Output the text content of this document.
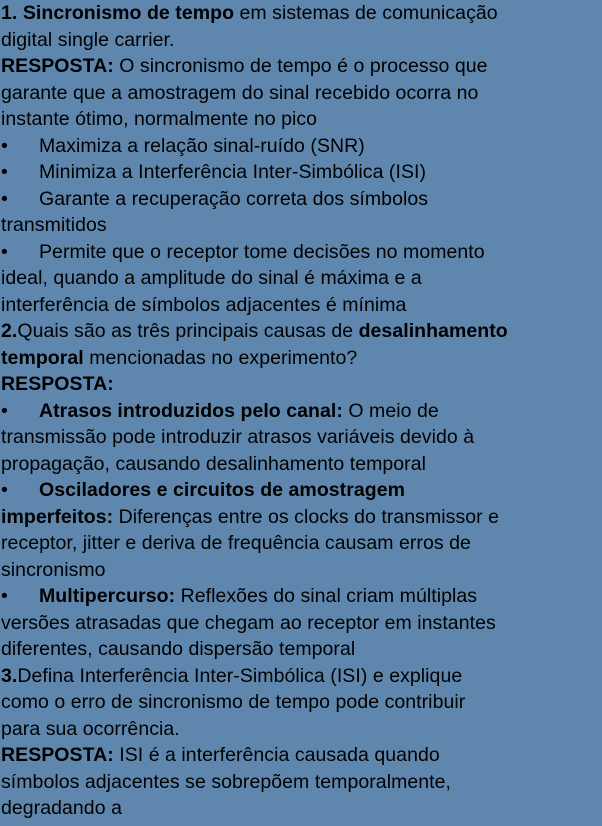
1. Sincronismo de tempo em sistemas de comunicação
digital single carrier.
RESPOSTA: O sincronismo de tempo é o processo que
garante que a amostragem do sinal recebido ocorra no
instante ótimo, normalmente no pico
• Maximiza a relação sinal-ruído (SNR)
• Minimiza a Interferência Inter-Simbólica (ISI)
• Garante a recuperação correta dos símbolos
transmitidos
• Permite que o receptor tome decisões no momento
ideal, quando a amplitude do sinal é máxima e a
interferência de símbolos adjacentes é mínima
2.Quais são as três principais causas de desalinhamento
temporal mencionadas no experimento?
RESPOSTA:
• Atrasos introduzidos pelo canal: O meio de
transmissão pode introduzir atrasos variáveis devido à
propagação, causando desalinhamento temporal
• Osciladores e circuitos de amostragem
imperfeitos: Diferenças entre os clocks do transmissor e
receptor, jitter e deriva de frequência causam erros de
sincronismo
• Multipercurso: Reflexões do sinal criam múltiplas
versões atrasadas que chegam ao receptor em instantes
diferentes, causando dispersão temporal
3.Defina Interferência Inter-Simbólica (ISI) e explique
como o erro de sincronismo de tempo pode contribuir
para sua ocorrência.
RESPOSTA: ISI é a interferência causada quando
símbolos adjacentes se sobrepõem temporalmente,
degradando a
